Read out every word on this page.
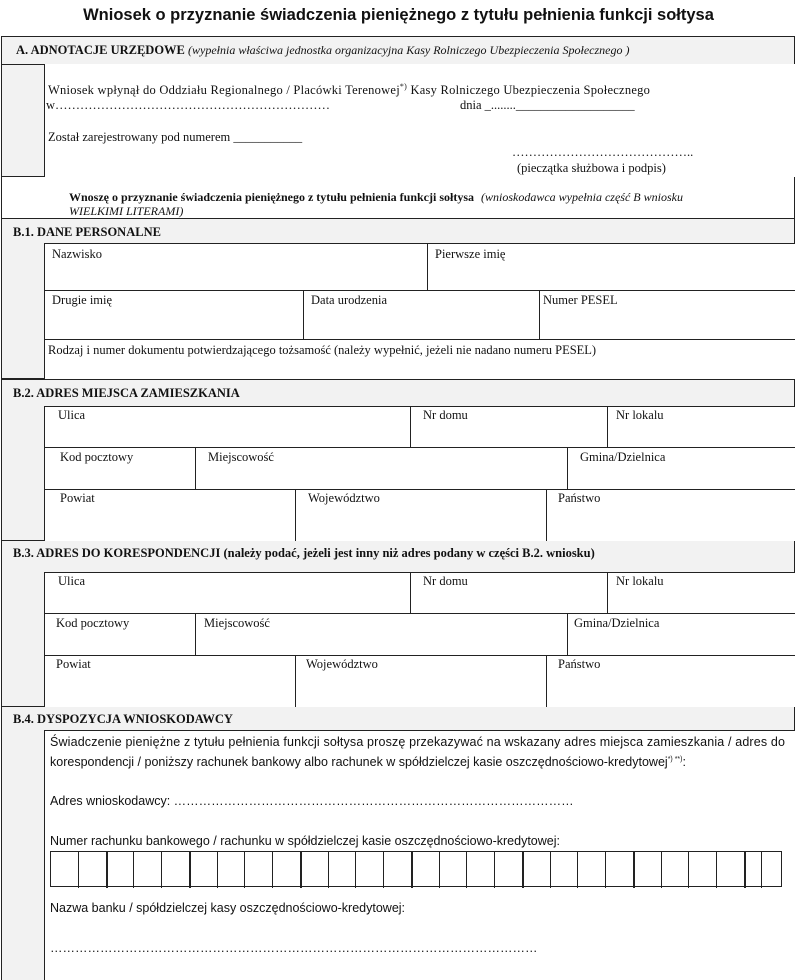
Wniosek o przyznanie świadczenia pieniężnego z tytułu pełnienia funkcji sołtysa
A. ADNOTACJE URZĘDOWE (wypełnia właściwa jednostka organizacyjna Kasy Rolniczego Ubezpieczenia Społecznego )
Wniosek wpłynął do Oddziału Regionalnego / Placówki Terenowej*) Kasy Rolniczego Ubezpieczenia Społecznego
w…………………………………………………………	dnia _........___________________
Został zarejestrowany pod numerem ___________
……………………………………..
(pieczątka służbowa i podpis)
Wnoszę o przyznanie świadczenia pieniężnego z tytułu pełnienia funkcji sołtysa (wnioskodawca wypełnia część B wniosku
WIELKIMI LITERAMI)
B.1. DANE PERSONALNE
Nazwisko	Pierwsze imię
Drugie imię	Data urodzenia	Numer PESEL
Rodzaj i numer dokumentu potwierdzającego tożsamość (należy wypełnić, jeżeli nie nadano numeru PESEL)
B.2. ADRES MIEJSCA ZAMIESZKANIA
Ulica	Nr domu	Nr lokalu
Kod pocztowy	Miejscowość	Gmina/Dzielnica
Powiat	Województwo	Państwo
B.3. ADRES DO KORESPONDENCJI (należy podać, jeżeli jest inny niż adres podany w części B.2. wniosku)
Ulica	Nr domu	Nr lokalu
Kod pocztowy	Miejscowość	Gmina/Dzielnica
Powiat	Województwo	Państwo
B.4. DYSPOZYCJA WNIOSKODAWCY
Świadczenie pieniężne z tytułu pełnienia funkcji sołtysa proszę przekazywać na wskazany adres miejsca zamieszkania / adres do
korespondencji / poniższy rachunek bankowy albo rachunek w spółdzielczej kasie oszczędnościowo-kredytowej*) **):
Adres wnioskodawcy: ……………………………………………………………………………………
Numer rachunku bankowego / rachunku w spółdzielczej kasie oszczędnościowo-kredytowej:
Nazwa banku / spółdzielczej kasy oszczędnościowo-kredytowej:
………………………………………………………………………………………………………
